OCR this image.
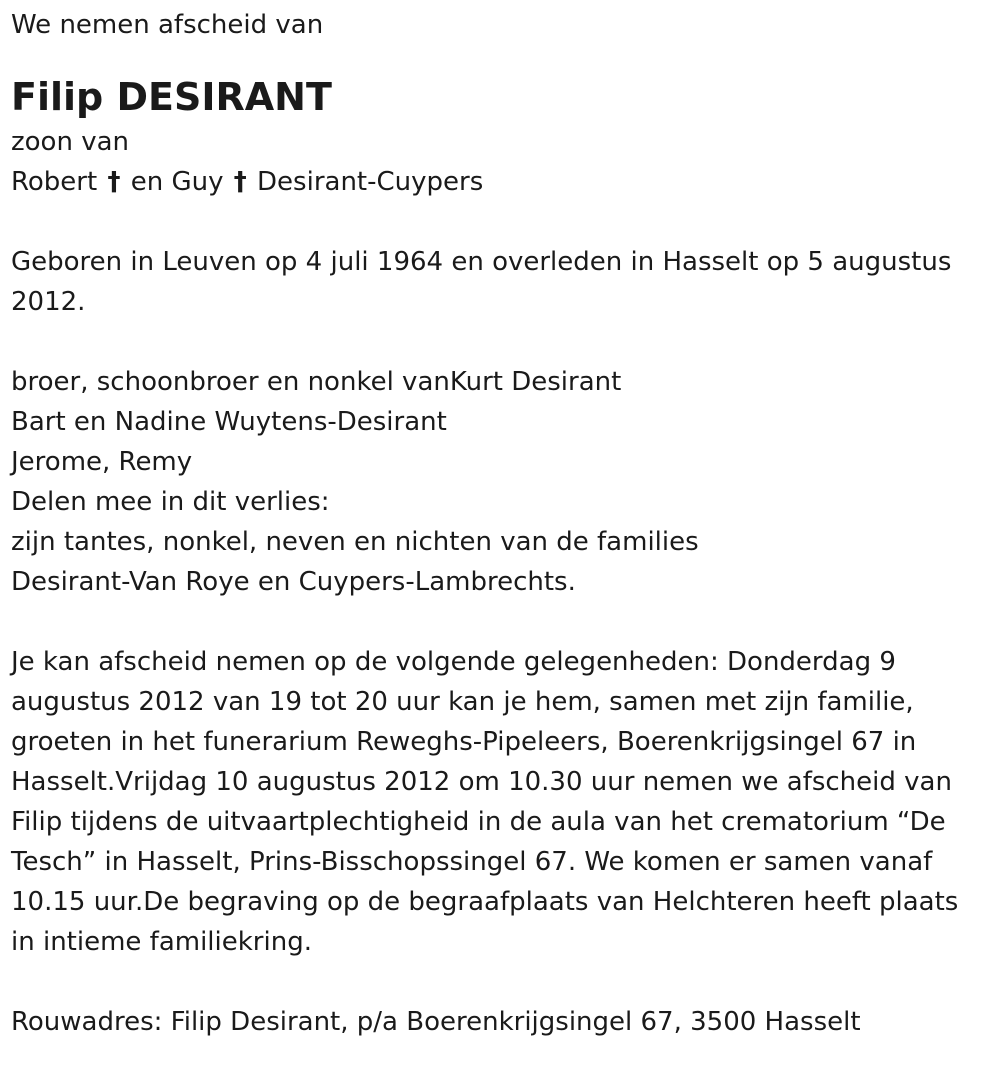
We nemen afscheid van
Filip DESIRANT
zoon van
Robert † en Guy † Desirant-Cuypers
Geboren in Leuven op 4 juli 1964 en overleden in Hasselt op 5 augustus
2012.
broer, schoonbroer en nonkel vanKurt Desirant
Bart en Nadine Wuytens-Desirant
Jerome, Remy
Delen mee in dit verlies:
zijn tantes, nonkel, neven en nichten van de families
Desirant-Van Roye en Cuypers-Lambrechts.
Je kan afscheid nemen op de volgende gelegenheden: Donderdag 9
augustus 2012 van 19 tot 20 uur kan je hem, samen met zijn familie,
groeten in het funerarium Reweghs-Pipeleers, Boerenkrijgsingel 67 in
Hasselt.Vrijdag 10 augustus 2012 om 10.30 uur nemen we afscheid van
Filip tijdens de uitvaartplechtigheid in de aula van het crematorium “De
Tesch” in Hasselt, Prins-Bisschopssingel 67. We komen er samen vanaf
10.15 uur.De begraving op de begraafplaats van Helchteren heeft plaats
in intieme familiekring.
Rouwadres: Filip Desirant, p/a Boerenkrijgsingel 67, 3500 Hasselt
